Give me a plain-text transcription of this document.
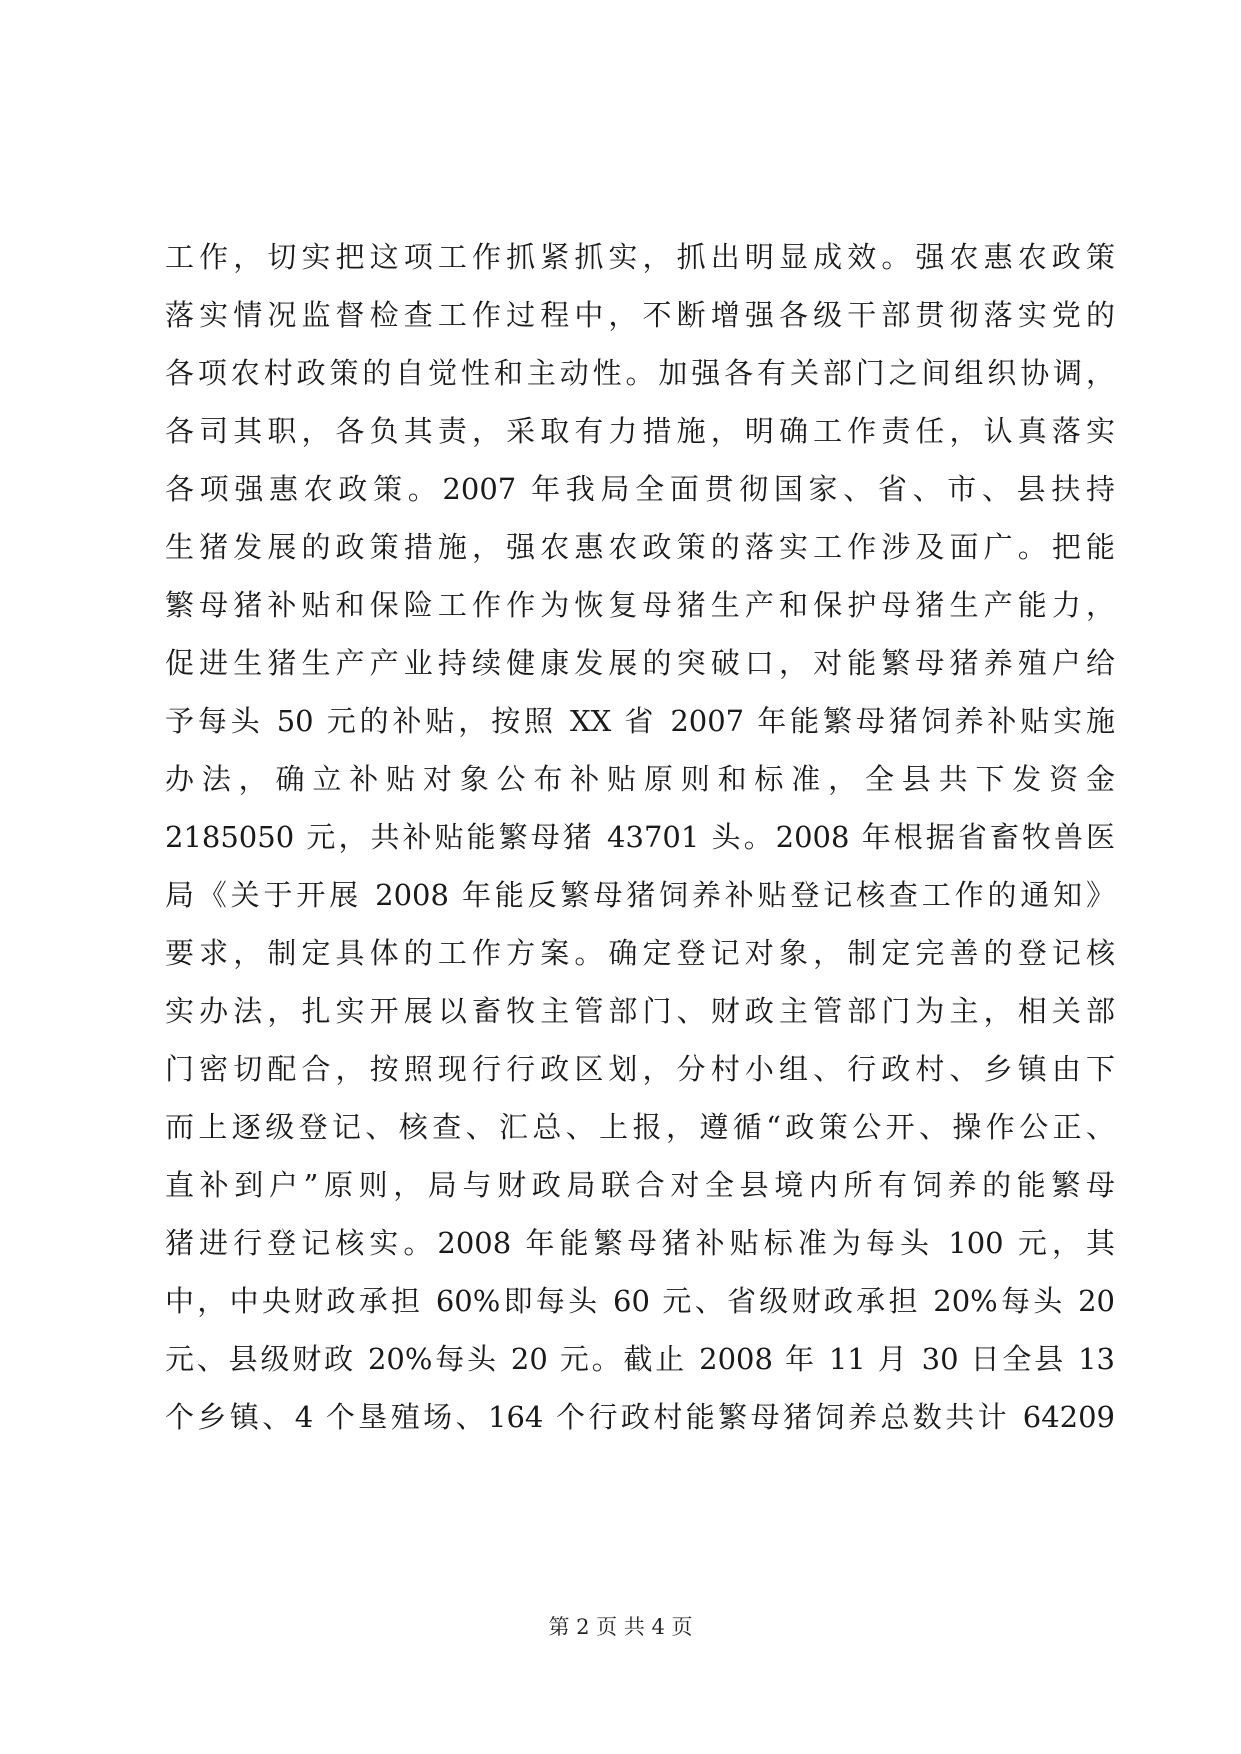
工作，切实把这项工作抓紧抓实，抓出明显成效。强农惠农政策
落实情况监督检查工作过程中，不断增强各级干部贯彻落实党的
各项农村政策的自觉性和主动性。加强各有关部门之间组织协调，
各司其职，各负其责，采取有力措施，明确工作责任，认真落实
各项强惠农政策。2007 年我局全面贯彻国家、省、市、县扶持
生猪发展的政策措施，强农惠农政策的落实工作涉及面广。把能
繁母猪补贴和保险工作作为恢复母猪生产和保护母猪生产能力，
促进生猪生产产业持续健康发展的突破口，对能繁母猪养殖户给
予每头 50 元的补贴，按照 XX 省 2007 年能繁母猪饲养补贴实施
办法，确立补贴对象公布补贴原则和标准，全县共下发资金
2185050 元，共补贴能繁母猪 43701 头。2008 年根据省畜牧兽医
局《关于开展 2008 年能反繁母猪饲养补贴登记核查工作的通知》
要求，制定具体的工作方案。确定登记对象，制定完善的登记核
实办法，扎实开展以畜牧主管部门、财政主管部门为主，相关部
门密切配合，按照现行行政区划，分村小组、行政村、乡镇由下
而上逐级登记、核查、汇总、上报，遵循“政策公开、操作公正、
直补到户”原则，局与财政局联合对全县境内所有饲养的能繁母
猪进行登记核实。2008 年能繁母猪补贴标准为每头 100 元，其
中，中央财政承担 60%即每头 60 元、省级财政承担 20%每头 20
元、县级财政 20%每头 20 元。截止 2008 年 11 月 30 日全县 13
个乡镇、4 个垦殖场、164 个行政村能繁母猪饲养总数共计 64209
第 2 页 共 4 页
